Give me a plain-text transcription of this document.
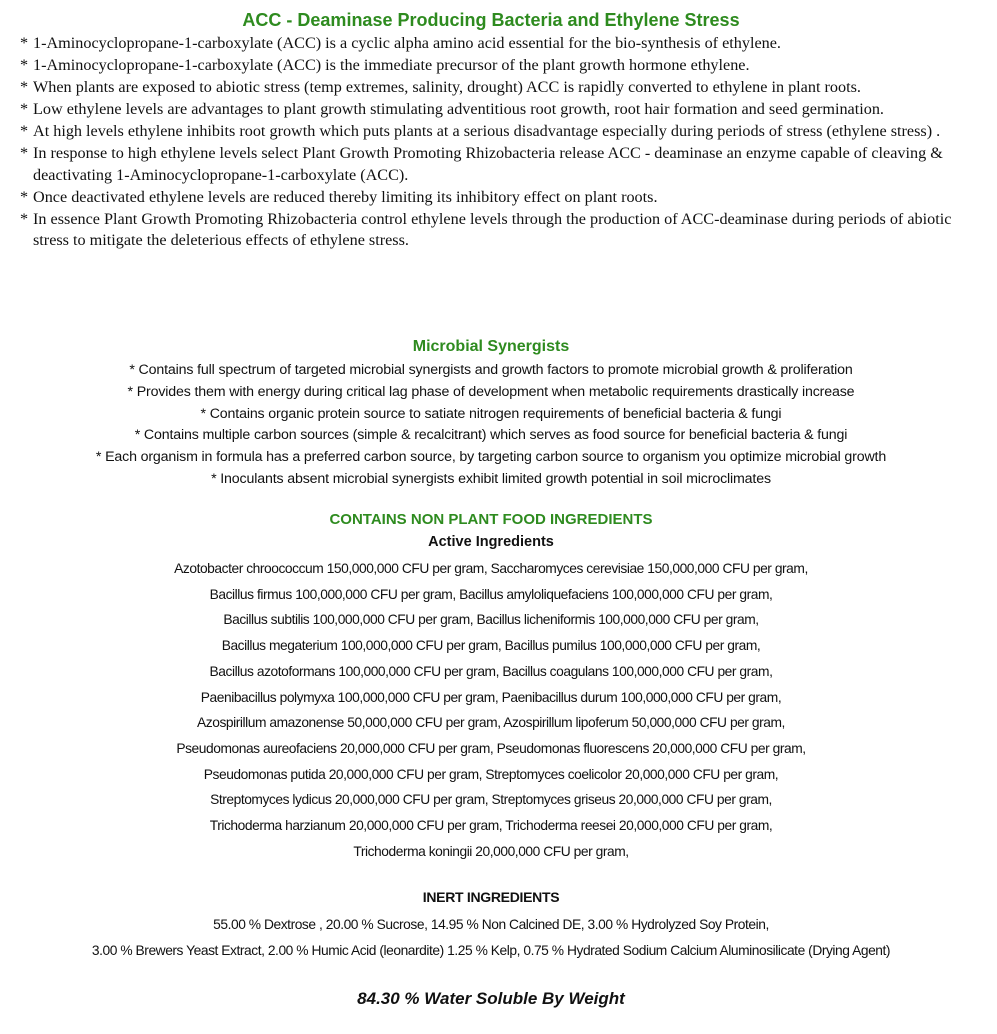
ACC - Deaminase Producing Bacteria and Ethylene Stress
* 1-Aminocyclopropane-1-carboxylate (ACC) is a cyclic alpha amino acid essential for the bio-synthesis of ethylene.
* 1-Aminocyclopropane-1-carboxylate (ACC) is the immediate precursor of the plant growth hormone ethylene.
* When plants are exposed to abiotic stress (temp extremes, salinity, drought) ACC is rapidly converted to ethylene in plant roots.
* Low ethylene levels are advantages to plant growth stimulating adventitious root growth, root hair formation and seed germination.
* At high levels ethylene inhibits root growth which puts plants at a serious disadvantage especially during periods of stress (ethylene stress) .
* In response to high ethylene levels select Plant Growth Promoting Rhizobacteria release ACC - deaminase an enzyme capable of cleaving & deactivating 1-Aminocyclopropane-1-carboxylate (ACC).
* Once deactivated ethylene levels are reduced thereby limiting its inhibitory effect on plant roots.
* In essence Plant Growth Promoting Rhizobacteria control ethylene levels through the production of ACC-deaminase during periods of abiotic stress to mitigate the deleterious effects of ethylene stress.
Microbial Synergists
* Contains full spectrum of targeted microbial synergists and growth factors to promote microbial growth & proliferation
* Provides them with energy during critical lag phase of development when metabolic requirements drastically increase
* Contains organic protein source to satiate nitrogen requirements of beneficial bacteria & fungi
* Contains multiple carbon sources (simple & recalcitrant) which serves as food source for beneficial bacteria & fungi
* Each organism in formula has a preferred carbon source, by targeting carbon source to organism you optimize microbial growth
* Inoculants absent microbial synergists exhibit limited growth potential in soil microclimates
CONTAINS NON PLANT FOOD INGREDIENTS
Active Ingredients
Azotobacter chroococcum 150,000,000 CFU per gram, Saccharomyces cerevisiae 150,000,000 CFU per gram,
Bacillus firmus 100,000,000 CFU per gram, Bacillus amyloliquefaciens 100,000,000 CFU per gram,
Bacillus subtilis 100,000,000 CFU per gram, Bacillus licheniformis 100,000,000 CFU per gram,
Bacillus megaterium 100,000,000 CFU per gram, Bacillus pumilus 100,000,000 CFU per gram,
Bacillus azotoformans 100,000,000 CFU per gram, Bacillus coagulans 100,000,000 CFU per gram,
Paenibacillus polymyxa 100,000,000 CFU per gram, Paenibacillus durum 100,000,000 CFU per gram,
Azospirillum amazonense 50,000,000 CFU per gram, Azospirillum lipoferum 50,000,000 CFU per gram,
Pseudomonas aureofaciens 20,000,000 CFU per gram, Pseudomonas fluorescens 20,000,000 CFU per gram,
Pseudomonas putida 20,000,000 CFU per gram, Streptomyces coelicolor 20,000,000 CFU per gram,
Streptomyces lydicus 20,000,000 CFU per gram, Streptomyces griseus 20,000,000 CFU per gram,
Trichoderma harzianum 20,000,000 CFU per gram, Trichoderma reesei 20,000,000 CFU per gram,
Trichoderma koningii 20,000,000 CFU per gram,
INERT INGREDIENTS
55.00 % Dextrose , 20.00 % Sucrose, 14.95 % Non Calcined DE, 3.00 % Hydrolyzed Soy Protein,
3.00 % Brewers Yeast Extract, 2.00 % Humic Acid (leonardite) 1.25 % Kelp, 0.75 % Hydrated Sodium Calcium Aluminosilicate (Drying Agent)

84.30 % Water Soluble By Weight
